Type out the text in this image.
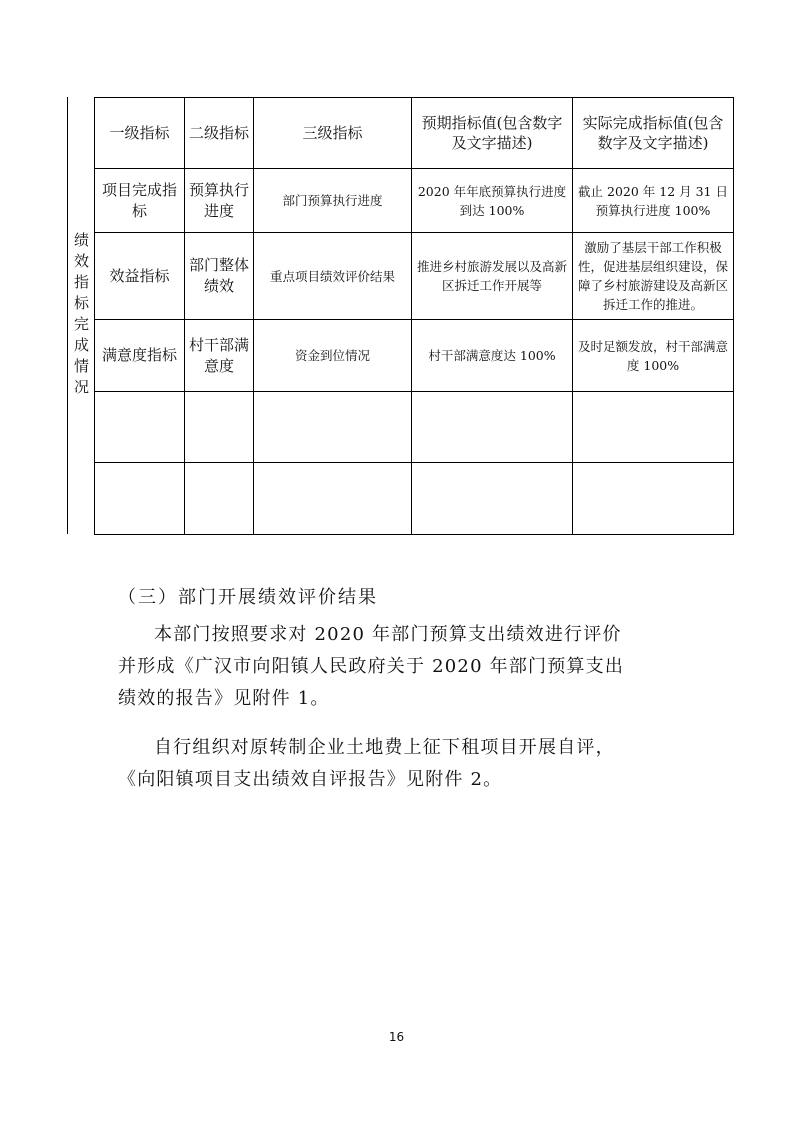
绩
效
指
标
完
成
情
况
一级指标	二级指标	三级指标	预期指标值(包含数字及文字描述)	实际完成指标值(包含数字及文字描述)
项目完成指标	预算执行进度	部门预算执行进度	2020 年年底预算执行进度到达 100%	截止 2020 年 12 月 31 日预算执行进度 100%
效益指标	部门整体绩效	重点项目绩效评价结果	推进乡村旅游发展以及高新区拆迁工作开展等	激励了基层干部工作积极性，促进基层组织建设，保障了乡村旅游建设及高新区拆迁工作的推进。
满意度指标	村干部满意度	资金到位情况	村干部满意度达 100%	及时足额发放，村干部满意度 100%

（三）部门开展绩效评价结果

本部门按照要求对 2020 年部门预算支出绩效进行评价

并形成《广汉市向阳镇人民政府关于 2020 年部门预算支出

绩效的报告》见附件 1。

自行组织对原转制企业土地费上征下租项目开展自评，

《向阳镇项目支出绩效自评报告》见附件 2。

16
